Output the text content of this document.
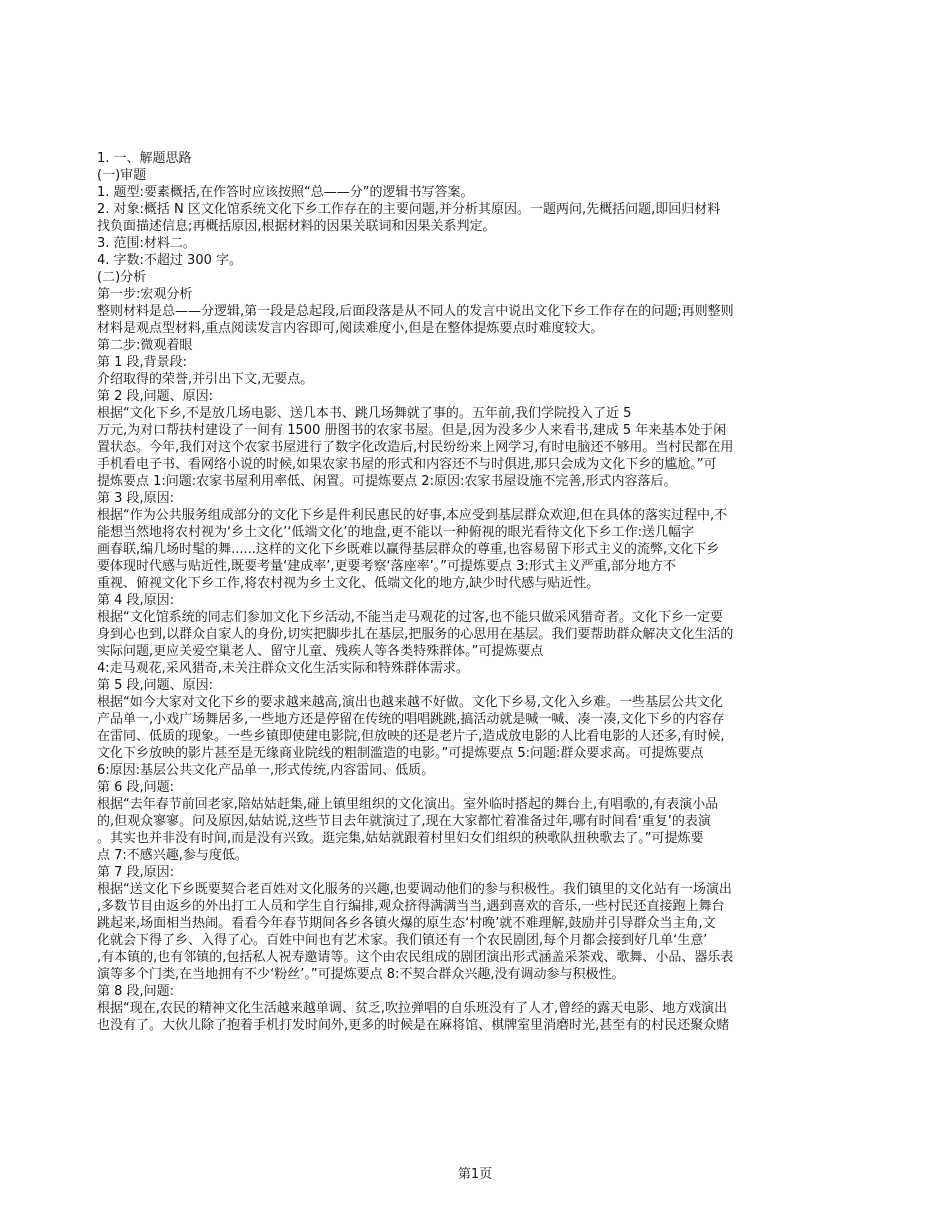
1. 一、解题思路
(一)审题
1. 题型:要素概括,在作答时应该按照“总——分”的逻辑书写答案。
2. 对象:概括 N 区文化馆系统文化下乡工作存在的主要问题,并分析其原因。一题两问,先概括问题,即回归材料
找负面描述信息;再概括原因,根据材料的因果关联词和因果关系判定。
3. 范围:材料二。
4. 字数:不超过 300 字。
(二)分析
第一步:宏观分析
整则材料是总——分逻辑,第一段是总起段,后面段落是从不同人的发言中说出文化下乡工作存在的问题;再则整则
材料是观点型材料,重点阅读发言内容即可,阅读难度小,但是在整体提炼要点时难度较大。
第二步:微观着眼
第 1 段,背景段:
介绍取得的荣誉,并引出下文,无要点。
第 2 段,问题、原因:
根据“文化下乡,不是放几场电影、送几本书、跳几场舞就了事的。五年前,我们学院投入了近 5
万元,为对口帮扶村建设了一间有 1500 册图书的农家书屋。但是,因为没多少人来看书,建成 5 年来基本处于闲
置状态。今年,我们对这个农家书屋进行了数字化改造后,村民纷纷来上网学习,有时电脑还不够用。当村民都在用
手机看电子书、看网络小说的时候,如果农家书屋的形式和内容还不与时俱进,那只会成为文化下乡的尴尬。”可
提炼要点 1:问题:农家书屋利用率低、闲置。可提炼要点 2:原因:农家书屋设施不完善,形式内容落后。
第 3 段,原因:
根据“作为公共服务组成部分的文化下乡是件利民惠民的好事,本应受到基层群众欢迎,但在具体的落实过程中,不
能想当然地将农村视为‘乡土文化’‘低端文化’的地盘,更不能以一种俯视的眼光看待文化下乡工作:送几幅字
画春联,编几场时髦的舞......这样的文化下乡既难以赢得基层群众的尊重,也容易留下形式主义的流弊,文化下乡
要体现时代感与贴近性,既要考量‘建成率’,更要考察‘落座率’。”可提炼要点 3:形式主义严重,部分地方不
重视、俯视文化下乡工作,将农村视为乡土文化、低端文化的地方,缺少时代感与贴近性。
第 4 段,原因:
根据“文化馆系统的同志们参加文化下乡活动,不能当走马观花的过客,也不能只做采风猎奇者。文化下乡一定要
身到心也到,以群众自家人的身份,切实把脚步扎在基层,把服务的心思用在基层。我们要帮助群众解决文化生活的
实际问题,更应关爱空巢老人、留守儿童、残疾人等各类特殊群体。”可提炼要点
4:走马观花,采风猎奇,未关注群众文化生活实际和特殊群体需求。
第 5 段,问题、原因:
根据“如今大家对文化下乡的要求越来越高,演出也越来越不好做。文化下乡易,文化入乡难。一些基层公共文化
产品单一,小戏广场舞居多,一些地方还是停留在传统的唱唱跳跳,搞活动就是喊一喊、凑一凑,文化下乡的内容存
在雷同、低质的现象。一些乡镇即使建电影院,但放映的还是老片子,造成放电影的人比看电影的人还多,有时候,
文化下乡放映的影片甚至是无缘商业院线的粗制滥造的电影。”可提炼要点 5:问题:群众要求高。可提炼要点
6:原因:基层公共文化产品单一,形式传统,内容雷同、低质。
第 6 段,问题:
根据“去年春节前回老家,陪姑姑赶集,碰上镇里组织的文化演出。室外临时搭起的舞台上,有唱歌的,有表演小品
的,但观众寥寥。问及原因,姑姑说,这些节目去年就演过了,现在大家都忙着准备过年,哪有时间看‘重复’的表演
。其实也并非没有时间,而是没有兴致。逛完集,姑姑就跟着村里妇女们组织的秧歌队扭秧歌去了。”可提炼要
点 7:不感兴趣,参与度低。
第 7 段,原因:
根据“送文化下乡既要契合老百姓对文化服务的兴趣,也要调动他们的参与积极性。我们镇里的文化站有一场演出
,多数节目由返乡的外出打工人员和学生自行编排,观众挤得满满当当,遇到喜欢的音乐,一些村民还直接跑上舞台
跳起来,场面相当热闹。看看今年春节期间各乡各镇火爆的原生态‘村晚’就不难理解,鼓励并引导群众当主角,文
化就会下得了乡、入得了心。百姓中间也有艺术家。我们镇还有一个农民剧团,每个月都会接到好几单‘生意’
,有本镇的,也有邻镇的,包括私人祝寿邀请等。这个由农民组成的剧团演出形式涵盖采茶戏、歌舞、小品、器乐表
演等多个门类,在当地拥有不少‘粉丝’。”可提炼要点 8:不契合群众兴趣,没有调动参与积极性。
第 8 段,问题:
根据“现在,农民的精神文化生活越来越单调、贫乏,吹拉弹唱的自乐班没有了人才,曾经的露天电影、地方戏演出
也没有了。大伙儿除了抱着手机打发时间外,更多的时候是在麻将馆、棋牌室里消磨时光,甚至有的村民还聚众赌
第1页
